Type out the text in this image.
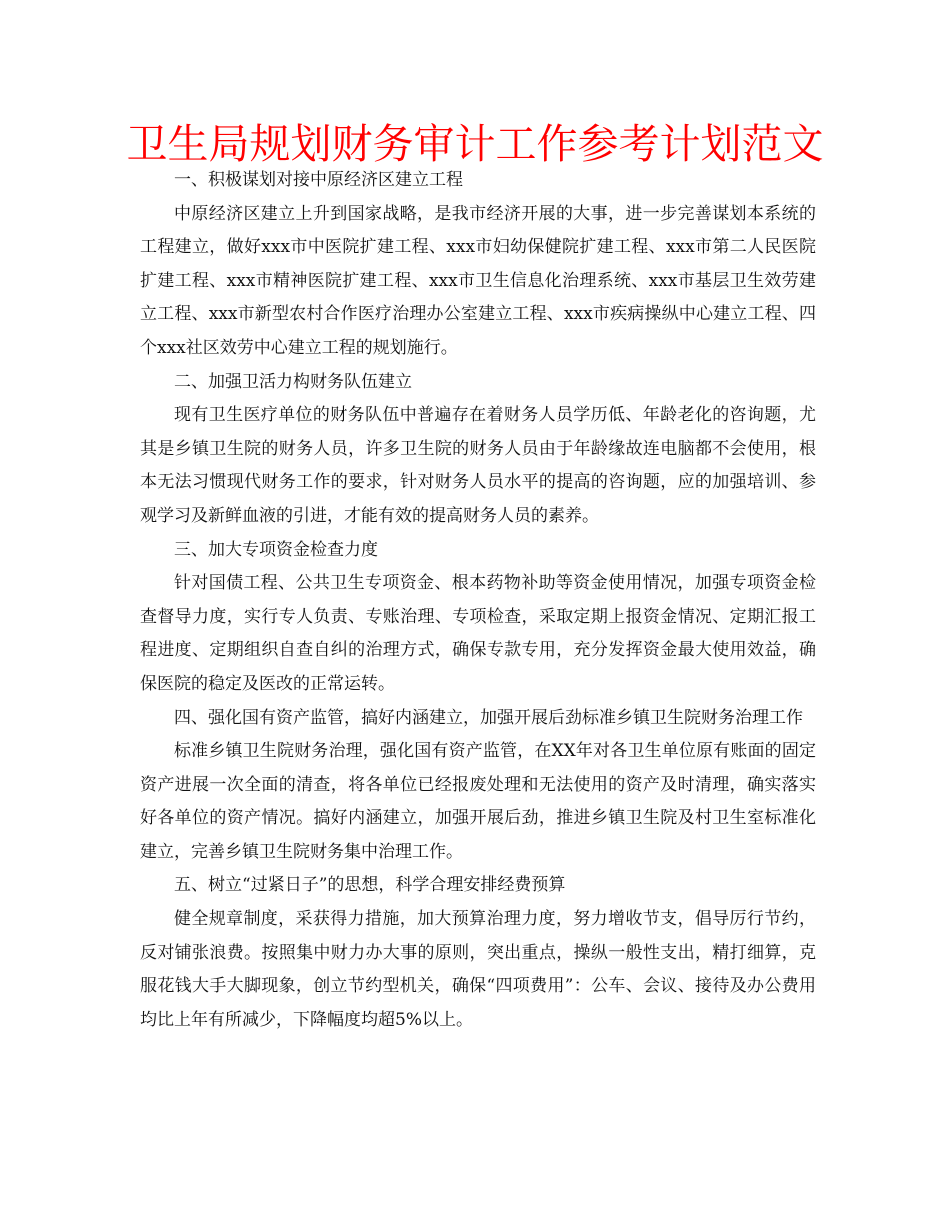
卫生局规划财务审计工作参考计划范文

一、积极谋划对接中原经济区建立工程

中原经济区建立上升到国家战略，是我市经济开展的大事，进一步完善谋划本系统的工程建立，做好xxx市中医院扩建工程、xxx市妇幼保健院扩建工程、xxx市第二人民医院扩建工程、xxx市精神医院扩建工程、xxx市卫生信息化治理系统、xxx市基层卫生效劳建立工程、xxx市新型农村合作医疗治理办公室建立工程、xxx市疾病操纵中心建立工程、四个xxx社区效劳中心建立工程的规划施行。

二、加强卫活力构财务队伍建立

现有卫生医疗单位的财务队伍中普遍存在着财务人员学历低、年龄老化的咨询题，尤其是乡镇卫生院的财务人员，许多卫生院的财务人员由于年龄缘故连电脑都不会使用，根本无法习惯现代财务工作的要求，针对财务人员水平的提高的咨询题，应的加强培训、参观学习及新鲜血液的引进，才能有效的提高财务人员的素养。

三、加大专项资金检查力度

针对国债工程、公共卫生专项资金、根本药物补助等资金使用情况，加强专项资金检查督导力度，实行专人负责、专账治理、专项检查，采取定期上报资金情况、定期汇报工程进度、定期组织自查自纠的治理方式，确保专款专用，充分发挥资金最大使用效益，确保医院的稳定及医改的正常运转。

四、强化国有资产监管，搞好内涵建立，加强开展后劲标准乡镇卫生院财务治理工作

标准乡镇卫生院财务治理，强化国有资产监管，在XX年对各卫生单位原有账面的固定资产进展一次全面的清查，将各单位已经报废处理和无法使用的资产及时清理，确实落实好各单位的资产情况。搞好内涵建立，加强开展后劲，推进乡镇卫生院及村卫生室标准化建立，完善乡镇卫生院财务集中治理工作。

五、树立“过紧日子”的思想，科学合理安排经费预算

健全规章制度，采获得力措施，加大预算治理力度，努力增收节支，倡导厉行节约，反对铺张浪费。按照集中财力办大事的原则，突出重点，操纵一般性支出，精打细算，克服花钱大手大脚现象，创立节约型机关，确保“四项费用”：公车、会议、接待及办公费用均比上年有所减少，下降幅度均超5%以上。
